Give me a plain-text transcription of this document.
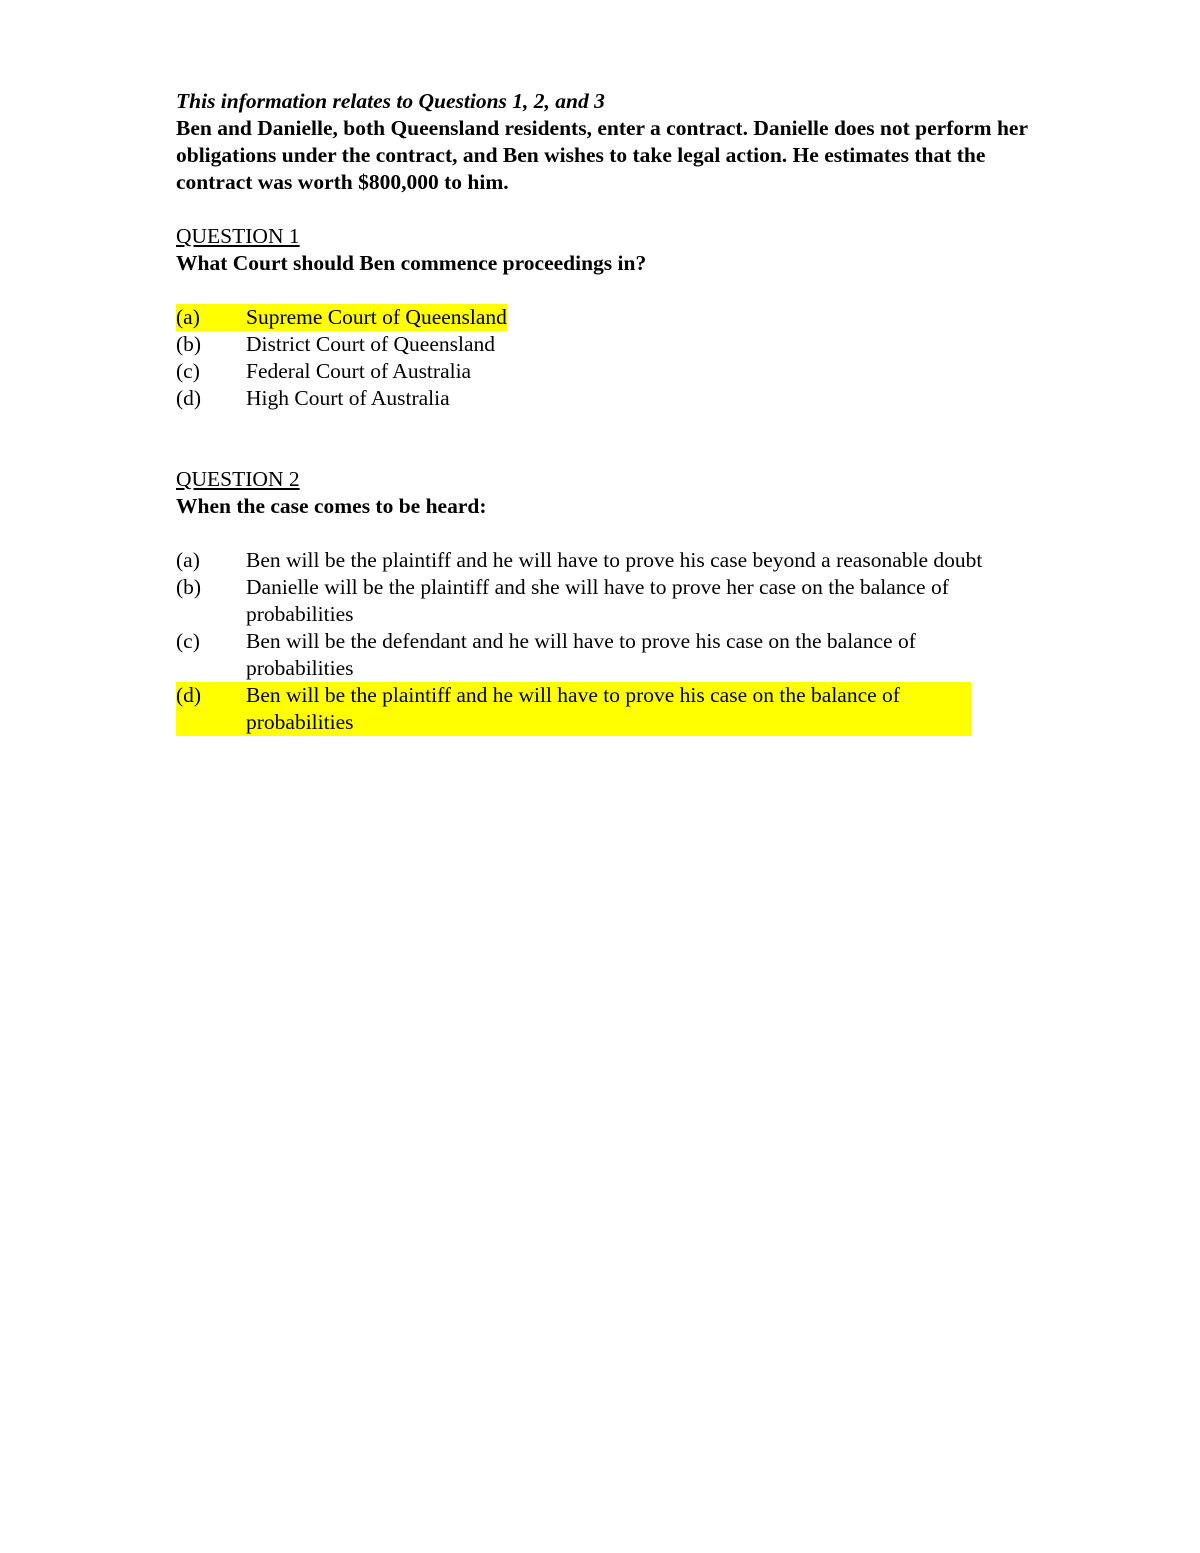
This information relates to Questions 1, 2, and 3
Ben and Danielle, both Queensland residents, enter a contract. Danielle does not perform her obligations under the contract, and Ben wishes to take legal action. He estimates that the contract was worth $800,000 to him.
QUESTION 1
What Court should Ben commence proceedings in?
(a)	Supreme Court of Queensland
(b)	District Court of Queensland
(c)	Federal Court of Australia
(d)	High Court of Australia
QUESTION 2
When the case comes to be heard:
(a)	Ben will be the plaintiff and he will have to prove his case beyond a reasonable doubt
(b)	Danielle will be the plaintiff and she will have to prove her case on the balance of probabilities
(c)	Ben will be the defendant and he will have to prove his case on the balance of probabilities
(d)	Ben will be the plaintiff and he will have to prove his case on the balance of probabilities
